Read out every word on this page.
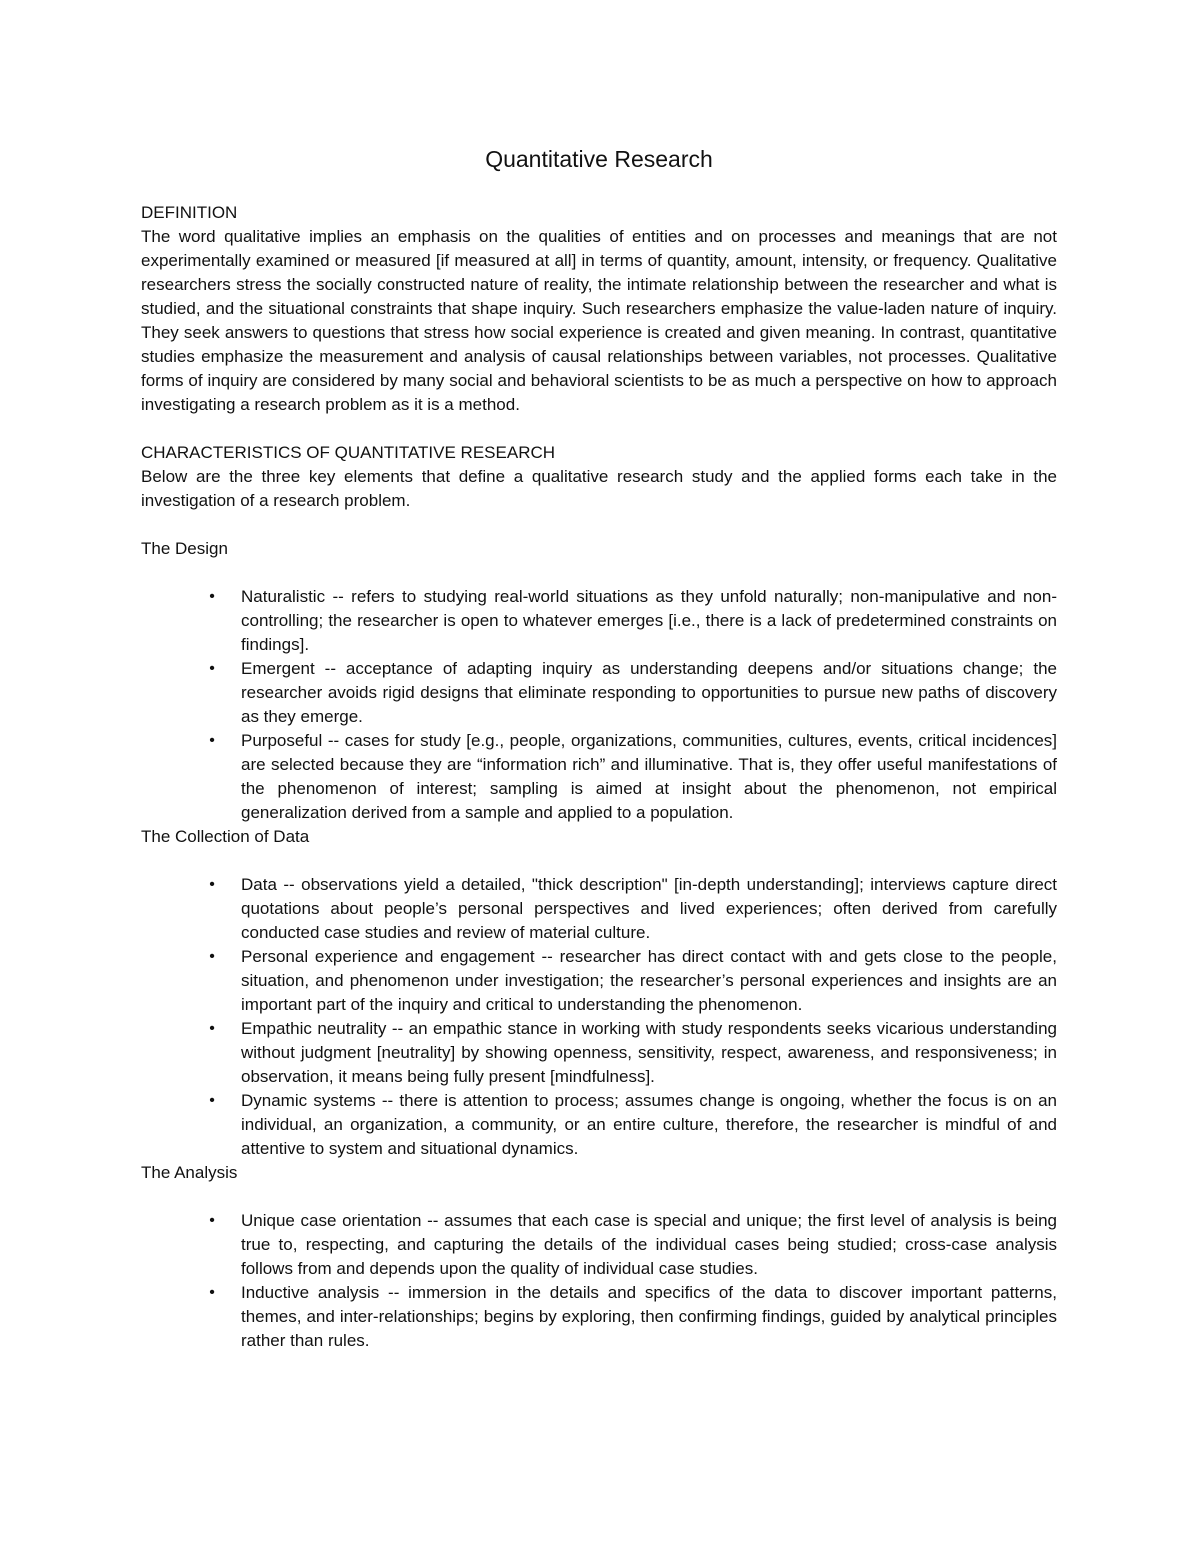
Quantitative Research
DEFINITION

The word qualitative implies an emphasis on the qualities of entities and on processes and meanings that are not experimentally examined or measured [if measured at all] in terms of quantity, amount, intensity, or frequency. Qualitative researchers stress the socially constructed nature of reality, the intimate relationship between the researcher and what is studied, and the situational constraints that shape inquiry. Such researchers emphasize the value-laden nature of inquiry. They seek answers to questions that stress how social experience is created and given meaning. In contrast, quantitative studies emphasize the measurement and analysis of causal relationships between variables, not processes. Qualitative forms of inquiry are considered by many social and behavioral scientists to be as much a perspective on how to approach investigating a research problem as it is a method.

CHARACTERISTICS OF QUANTITATIVE RESEARCH

Below are the three key elements that define a qualitative research study and the applied forms each take in the investigation of a research problem.

The Design
•	Naturalistic -- refers to studying real-world situations as they unfold naturally; non-manipulative and non-controlling; the researcher is open to whatever emerges [i.e., there is a lack of predetermined constraints on findings].
•	Emergent -- acceptance of adapting inquiry as understanding deepens and/or situations change; the researcher avoids rigid designs that eliminate responding to opportunities to pursue new paths of discovery as they emerge.
•	Purposeful -- cases for study [e.g., people, organizations, communities, cultures, events, critical incidences] are selected because they are “information rich” and illuminative. That is, they offer useful manifestations of the phenomenon of interest; sampling is aimed at insight about the phenomenon, not empirical generalization derived from a sample and applied to a population.
The Collection of Data
•	Data -- observations yield a detailed, "thick description" [in-depth understanding]; interviews capture direct quotations about people’s personal perspectives and lived experiences; often derived from carefully conducted case studies and review of material culture.
•	Personal experience and engagement -- researcher has direct contact with and gets close to the people, situation, and phenomenon under investigation; the researcher’s personal experiences and insights are an important part of the inquiry and critical to understanding the phenomenon.
•	Empathic neutrality -- an empathic stance in working with study respondents seeks vicarious understanding without judgment [neutrality] by showing openness, sensitivity, respect, awareness, and responsiveness; in observation, it means being fully present [mindfulness].
•	Dynamic systems -- there is attention to process; assumes change is ongoing, whether the focus is on an individual, an organization, a community, or an entire culture, therefore, the researcher is mindful of and attentive to system and situational dynamics.
The Analysis
•	Unique case orientation -- assumes that each case is special and unique; the first level of analysis is being true to, respecting, and capturing the details of the individual cases being studied; cross-case analysis follows from and depends upon the quality of individual case studies.
•	Inductive analysis -- immersion in the details and specifics of the data to discover important patterns, themes, and inter-relationships; begins by exploring, then confirming findings, guided by analytical principles rather than rules.
